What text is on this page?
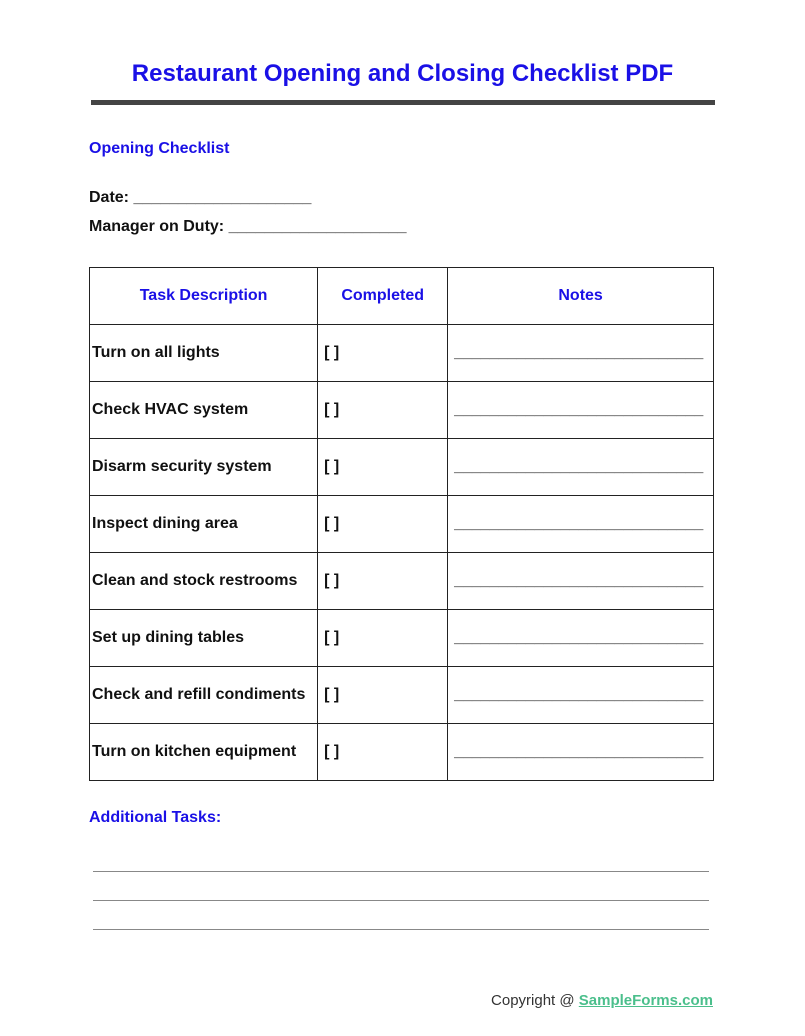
Restaurant Opening and Closing Checklist PDF
Opening Checklist
Date: ____________________
Manager on Duty: ____________________
Task Description	Completed	Notes
Turn on all lights	[ ]	____________________________
Check HVAC system	[ ]	____________________________
Disarm security system	[ ]	____________________________
Inspect dining area	[ ]	____________________________
Clean and stock restrooms	[ ]	____________________________
Set up dining tables	[ ]	____________________________
Check and refill condiments	[ ]	____________________________
Turn on kitchen equipment	[ ]	____________________________
Additional Tasks:
Copyright @ SampleForms.com
